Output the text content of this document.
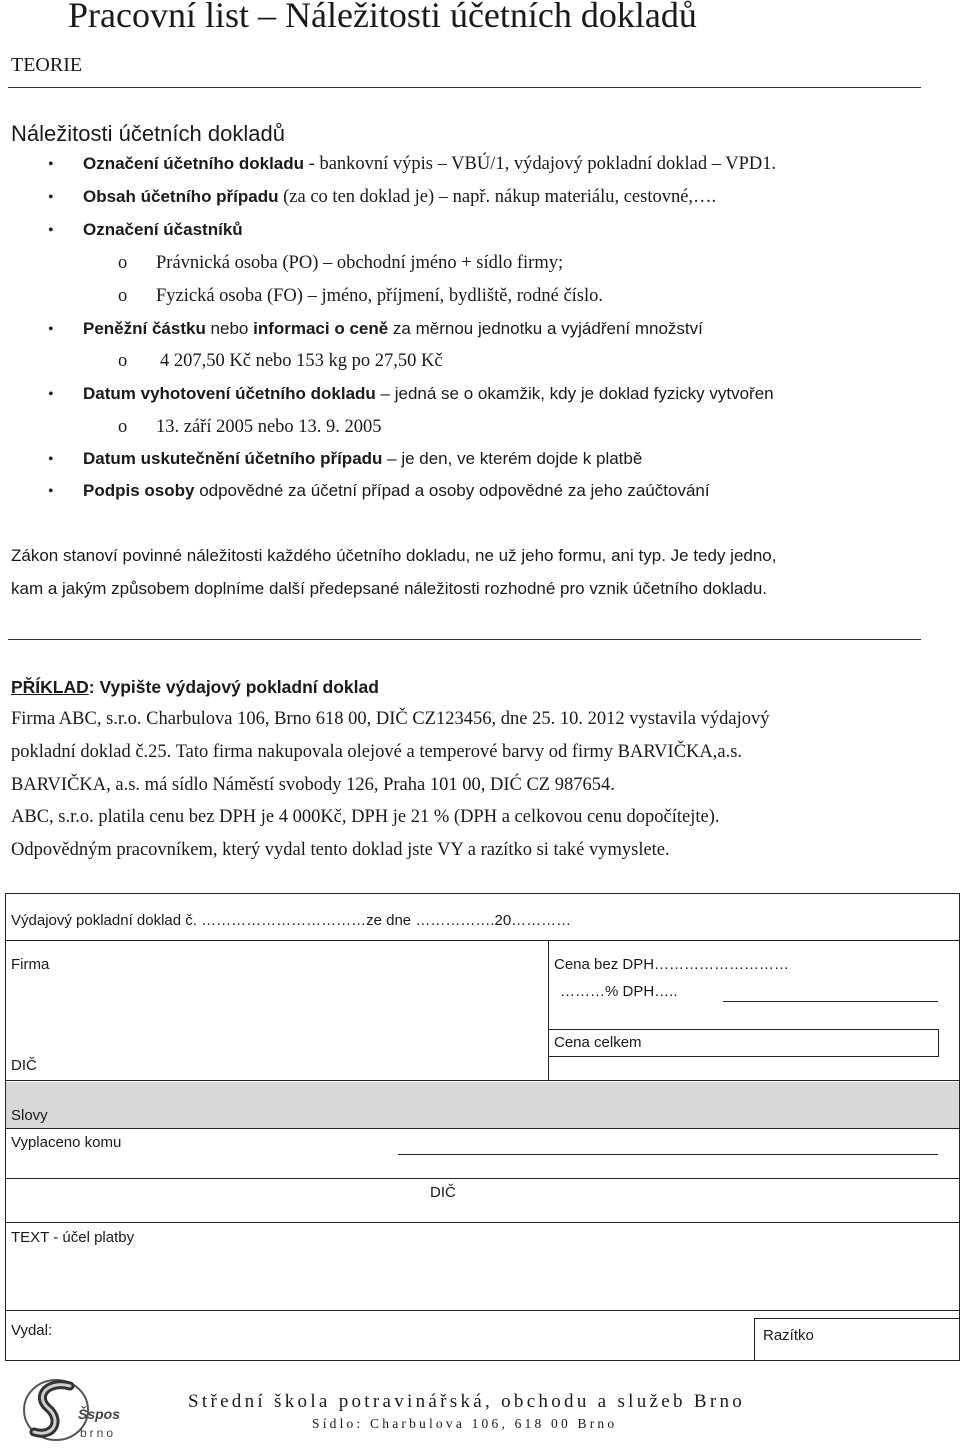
Pracovní list – Náležitosti účetních dokladů
TEORIE
Náležitosti účetních dokladů
• Označení účetního dokladu - bankovní výpis – VBÚ/1, výdajový pokladní doklad – VPD1.
• Obsah účetního případu (za co ten doklad je) – např. nákup materiálu, cestovné,….
• Označení účastníků
o Právnická osoba (PO) – obchodní jméno + sídlo firmy;
o Fyzická osoba (FO) – jméno, příjmení, bydliště, rodné číslo.
• Peněžní částku nebo informaci o ceně za měrnou jednotku a vyjádření množství
o 4 207,50 Kč nebo 153 kg po 27,50 Kč
• Datum vyhotovení účetního dokladu – jedná se o okamžik, kdy je doklad fyzicky vytvořen
o 13. září 2005 nebo 13. 9. 2005
• Datum uskutečnění účetního případu – je den, ve kterém dojde k platbě
• Podpis osoby odpovědné za účetní případ a osoby odpovědné za jeho zaúčtování
Zákon stanoví povinné náležitosti každého účetního dokladu, ne už jeho formu, ani typ. Je tedy jedno,
kam a jakým způsobem doplníme další předepsané náležitosti rozhodné pro vznik účetního dokladu.
PŘÍKLAD: Vypište výdajový pokladní doklad
Firma ABC, s.r.o. Charbulova 106, Brno 618 00, DIČ CZ123456, dne 25. 10. 2012 vystavila výdajový
pokladní doklad č.25. Tato firma nakupovala olejové a temperové barvy od firmy BARVIČKA,a.s.
BARVIČKA, a.s. má sídlo Náměstí svobody 126, Praha 101 00, DIĆ CZ 987654.
ABC, s.r.o. platila cenu bez DPH je 4 000Kč, DPH je 21 % (DPH a celkovou cenu dopočítejte).
Odpovědným pracovníkem, který vydal tento doklad jste VY a razítko si také vymyslete.
Výdajový pokladní doklad č. ……………………………ze dne …………….20…………
Firma
DIČ
Cena bez DPH………………………
………% DPH…..
Cena celkem
Slovy
Vyplaceno komu
DIČ
TEXT - účel platby
Vydal:	Razítko
Šspos
brno
Střední škola potravinářská, obchodu a služeb Brno
Sídlo: Charbulova 106, 618 00 Brno
